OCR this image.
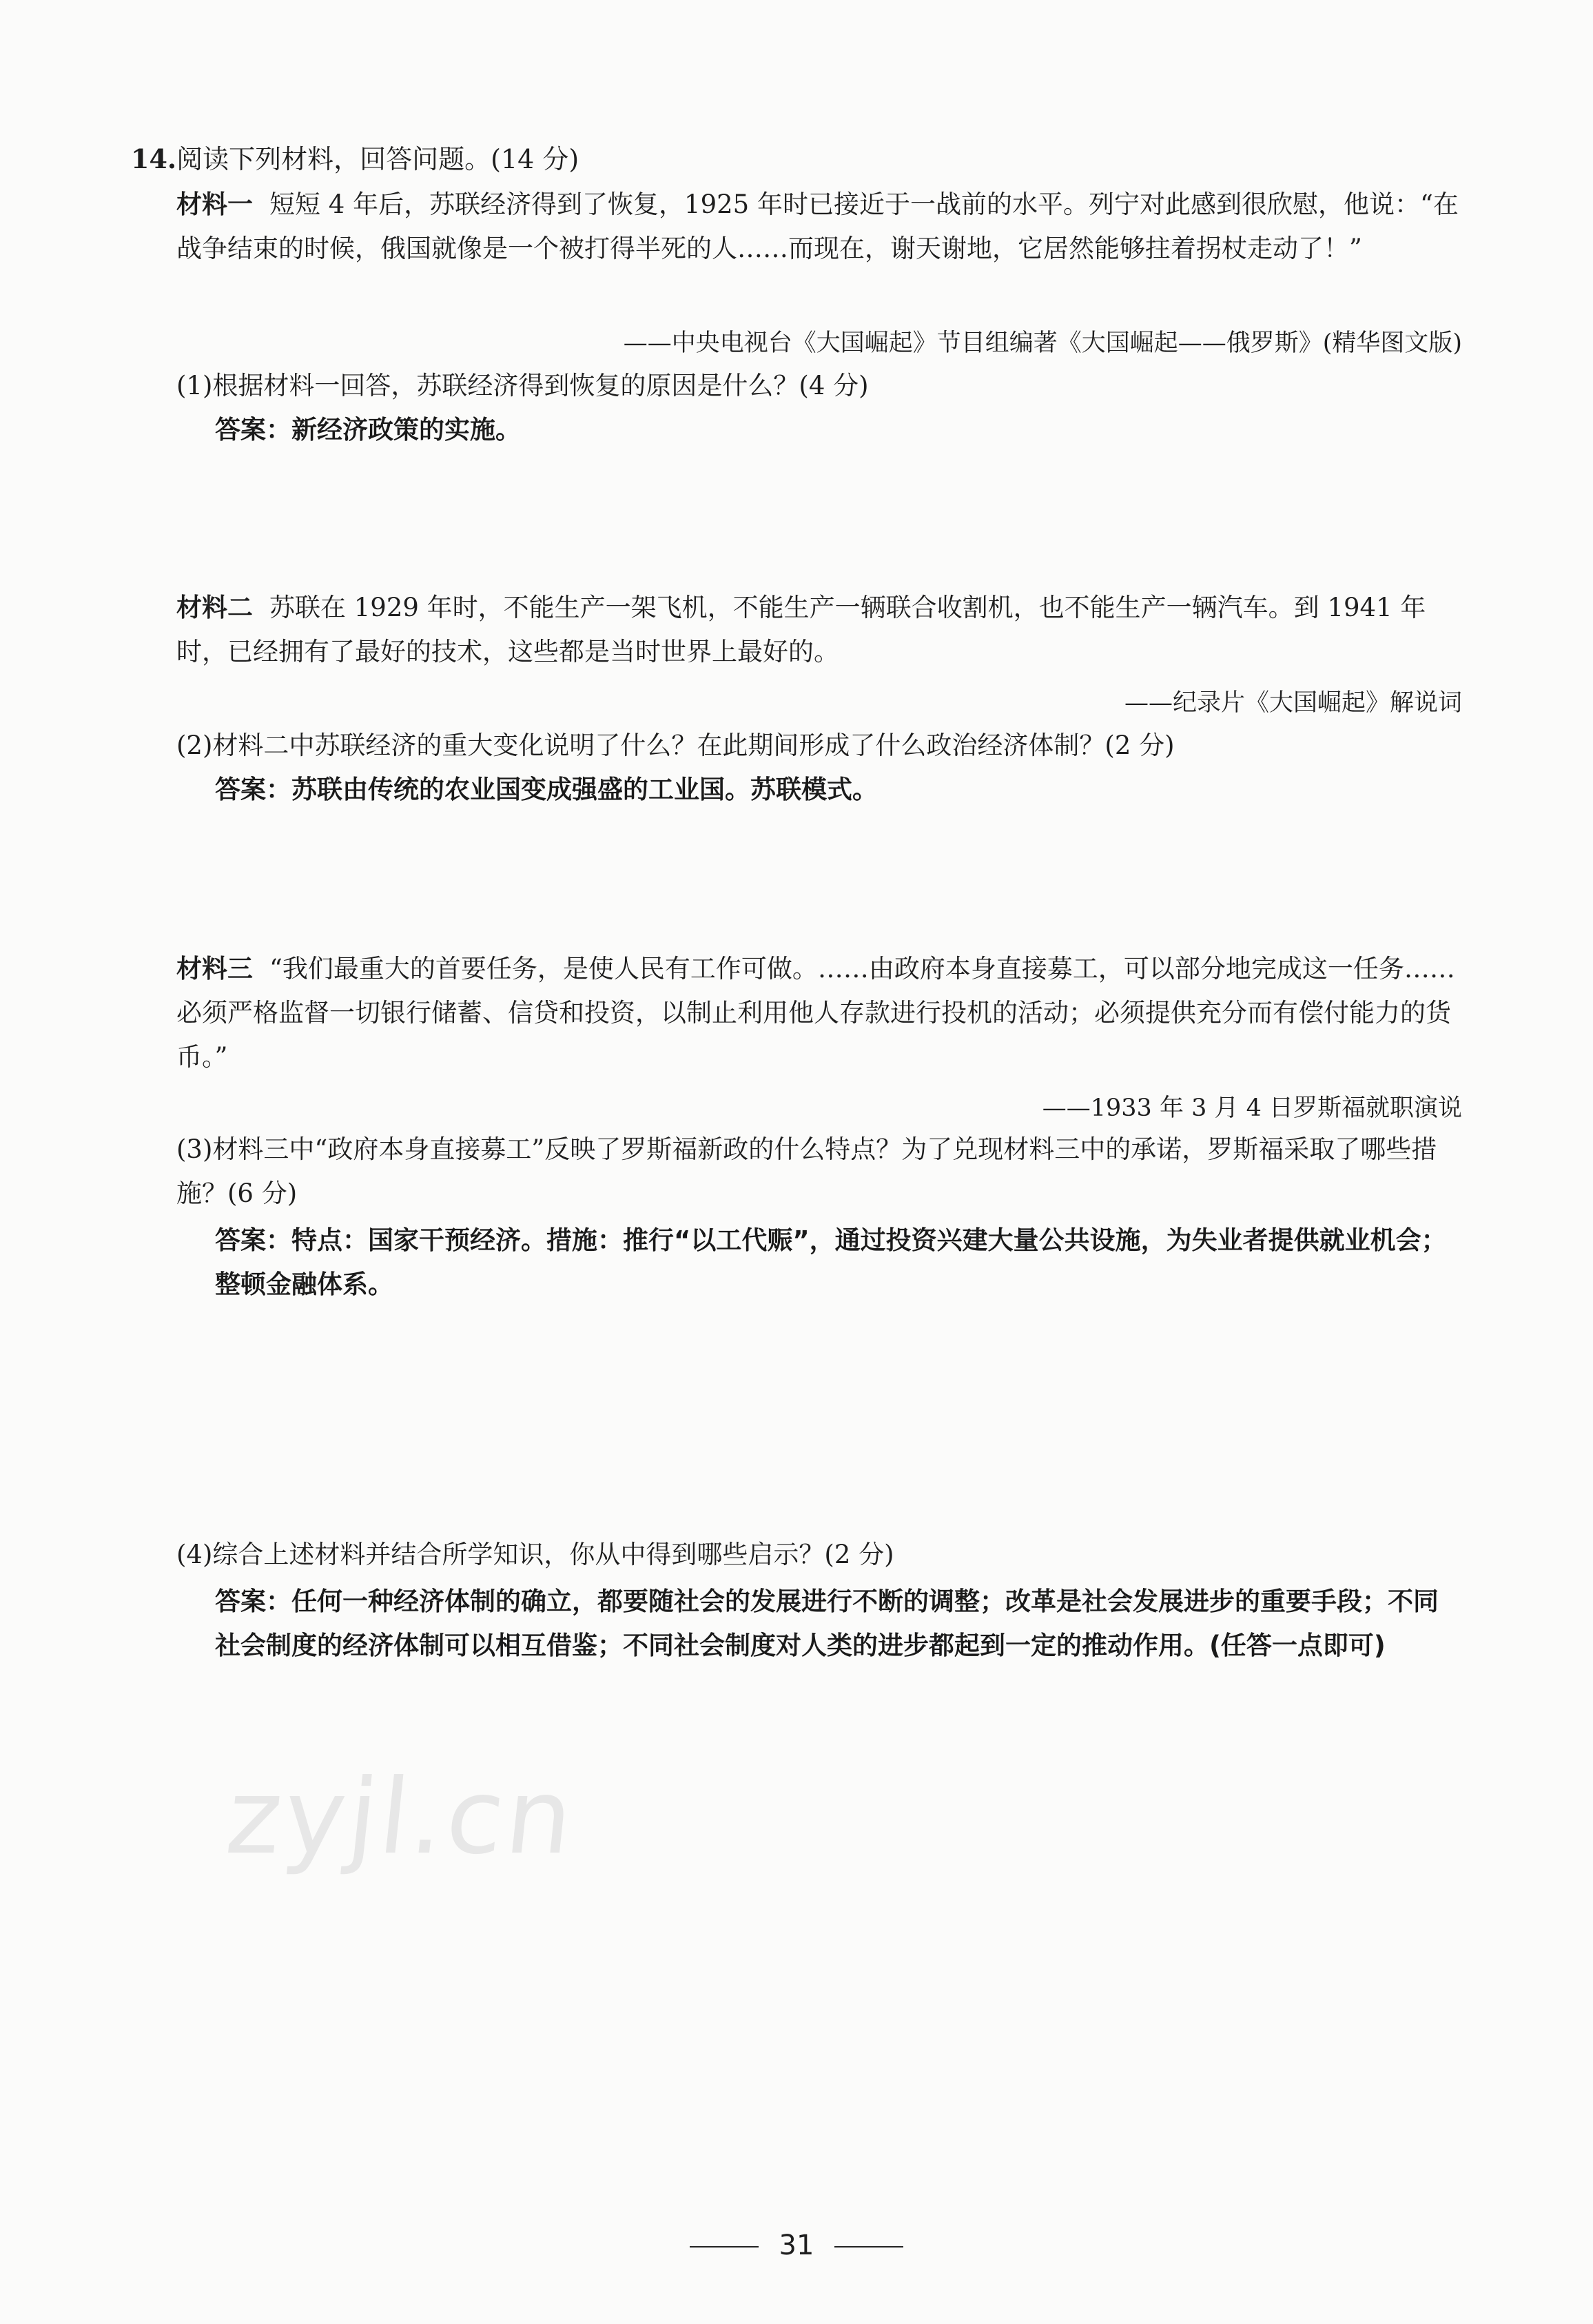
14.阅读下列材料，回答问题。(14 分)
材料一 短短 4 年后，苏联经济得到了恢复，1925 年时已接近于一战前的水平。列宁对此感到很欣慰，他说：“在战争结束的时候，俄国就像是一个被打得半死的人……而现在，谢天谢地，它居然能够拄着拐杖走动了！”
——中央电视台《大国崛起》节目组编著《大国崛起——俄罗斯》(精华图文版)
(1)根据材料一回答，苏联经济得到恢复的原因是什么？(4 分)
答案：新经济政策的实施。
材料二 苏联在 1929 年时，不能生产一架飞机，不能生产一辆联合收割机，也不能生产一辆汽车。到 1941 年时，已经拥有了最好的技术，这些都是当时世界上最好的。
——纪录片《大国崛起》解说词
(2)材料二中苏联经济的重大变化说明了什么？在此期间形成了什么政治经济体制？(2 分)
答案：苏联由传统的农业国变成强盛的工业国。苏联模式。
材料三 “我们最重大的首要任务，是使人民有工作可做。……由政府本身直接募工，可以部分地完成这一任务……必须严格监督一切银行储蓄、信贷和投资，以制止利用他人存款进行投机的活动；必须提供充分而有偿付能力的货币。”
——1933 年 3 月 4 日罗斯福就职演说
(3)材料三中“政府本身直接募工”反映了罗斯福新政的什么特点？为了兑现材料三中的承诺，罗斯福采取了哪些措施？(6 分)
答案：特点：国家干预经济。措施：推行“以工代赈”，通过投资兴建大量公共设施，为失业者提供就业机会；整顿金融体系。
(4)综合上述材料并结合所学知识，你从中得到哪些启示？(2 分)
答案：任何一种经济体制的确立，都要随社会的发展进行不断的调整；改革是社会发展进步的重要手段；不同社会制度的经济体制可以相互借鉴；不同社会制度对人类的进步都起到一定的推动作用。(任答一点即可)
zyjl.cn
31
